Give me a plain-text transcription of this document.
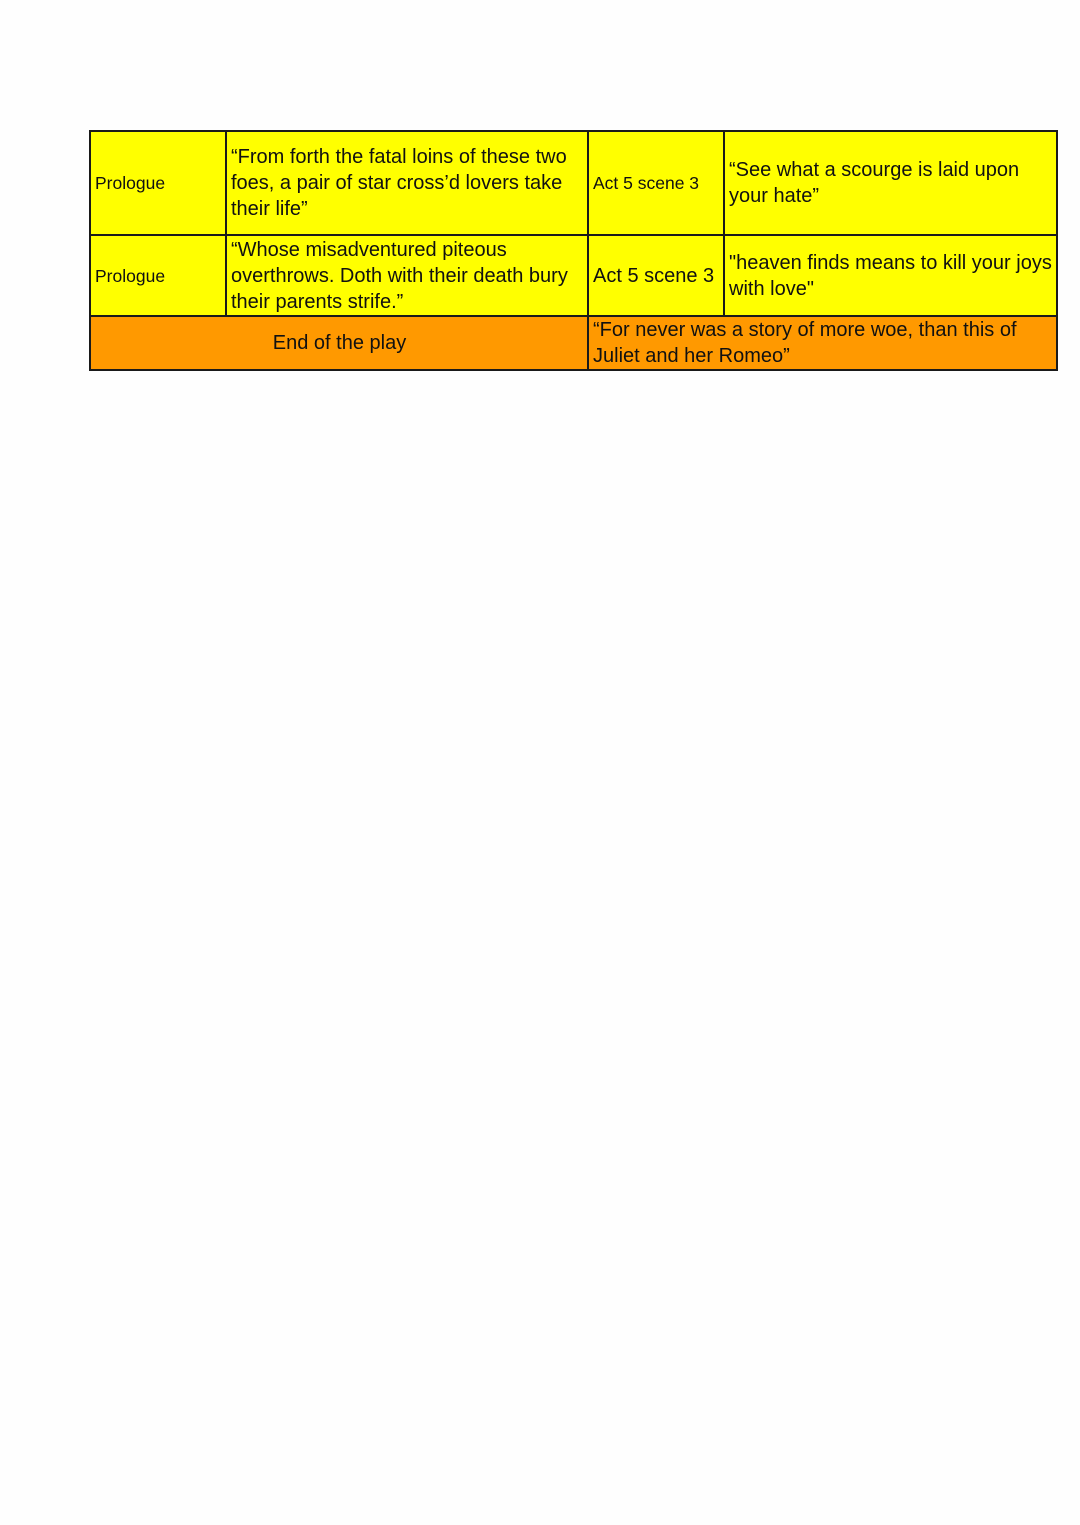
Prologue	“From forth the fatal loins of these two foes, a pair of star cross’d lovers take their life”	Act 5 scene 3	“See what a scourge is laid upon your hate”
Prologue	“Whose misadventured piteous overthrows. Doth with their death bury their parents strife.”	Act 5 scene 3	"heaven finds means to kill your joys with love"
End of the play		“For never was a story of more woe, than this of Juliet and her Romeo”	
